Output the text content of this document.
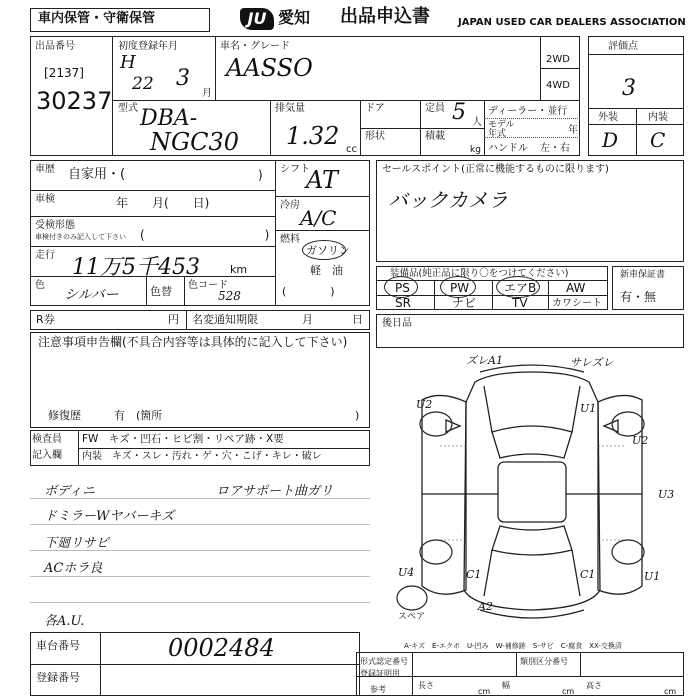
車内保管・守衛保管	JU 愛知 出品申込書	JAPAN USED CAR DEALERS ASSOCIATION
出品番号
[2137]
30237
初度登録年月
H
22 3
月
車名・グレード
AASSO	2WD
4WD
評価点
3
外装	内装
D C
型式 DBA-
NGC30
排気量
1.32 cc
ドア
形状
定員 5 人
積載
kg
ディーラー・並行
モデル
年式	年
ハンドル 左・右
車歴 自家用・(	)
車検	年　　月(　　日)
受検形態
車検付きのみ記入して下さい (　　　　　　　　　　)
走行 11万5千453	km
色
シルバー	色替 色コード
528
シフト
AT
冷房
A/C
燃料
ガソリン
軽　油
(　　　　)
セールスポイント(正常に機能するものに限ります)
バックカメラ
装備品(純正品に限り〇をつけてください)
PS	PW	エアB AW
SR	ナビ	TV カワシート
新車保証書
有・無
R券	円 名変通知期限	月	日 後日品
注意事項申告欄(不具合内容等は具体的に記入して下さい)
修復歴	有　(箇所	)
検査員
記入欄
FW　キズ・凹石・ヒビ割・リペア跡・X要
内装　キズ・スレ・汚れ・ゲ・穴・こげ・キレ・破レ
ボディニ	ロアサポート曲ガリ
ドミラーWヤバーキズ
下廻リサビ
ACホラ良
各A.U.
ズレA1	サレズレ
U2	U1
U2
U3
U4	C1	C1
A2
U1
スペア
車台番号	0002484
登録番号
A-キズ　E-エクボ　U-凹み　W-補修跡　S-サビ　C-腐食　XX-交換済
形式認定番号	類別区分番号
登録証明用
参考	長さ
cm
幅
cm
高さ
cm
